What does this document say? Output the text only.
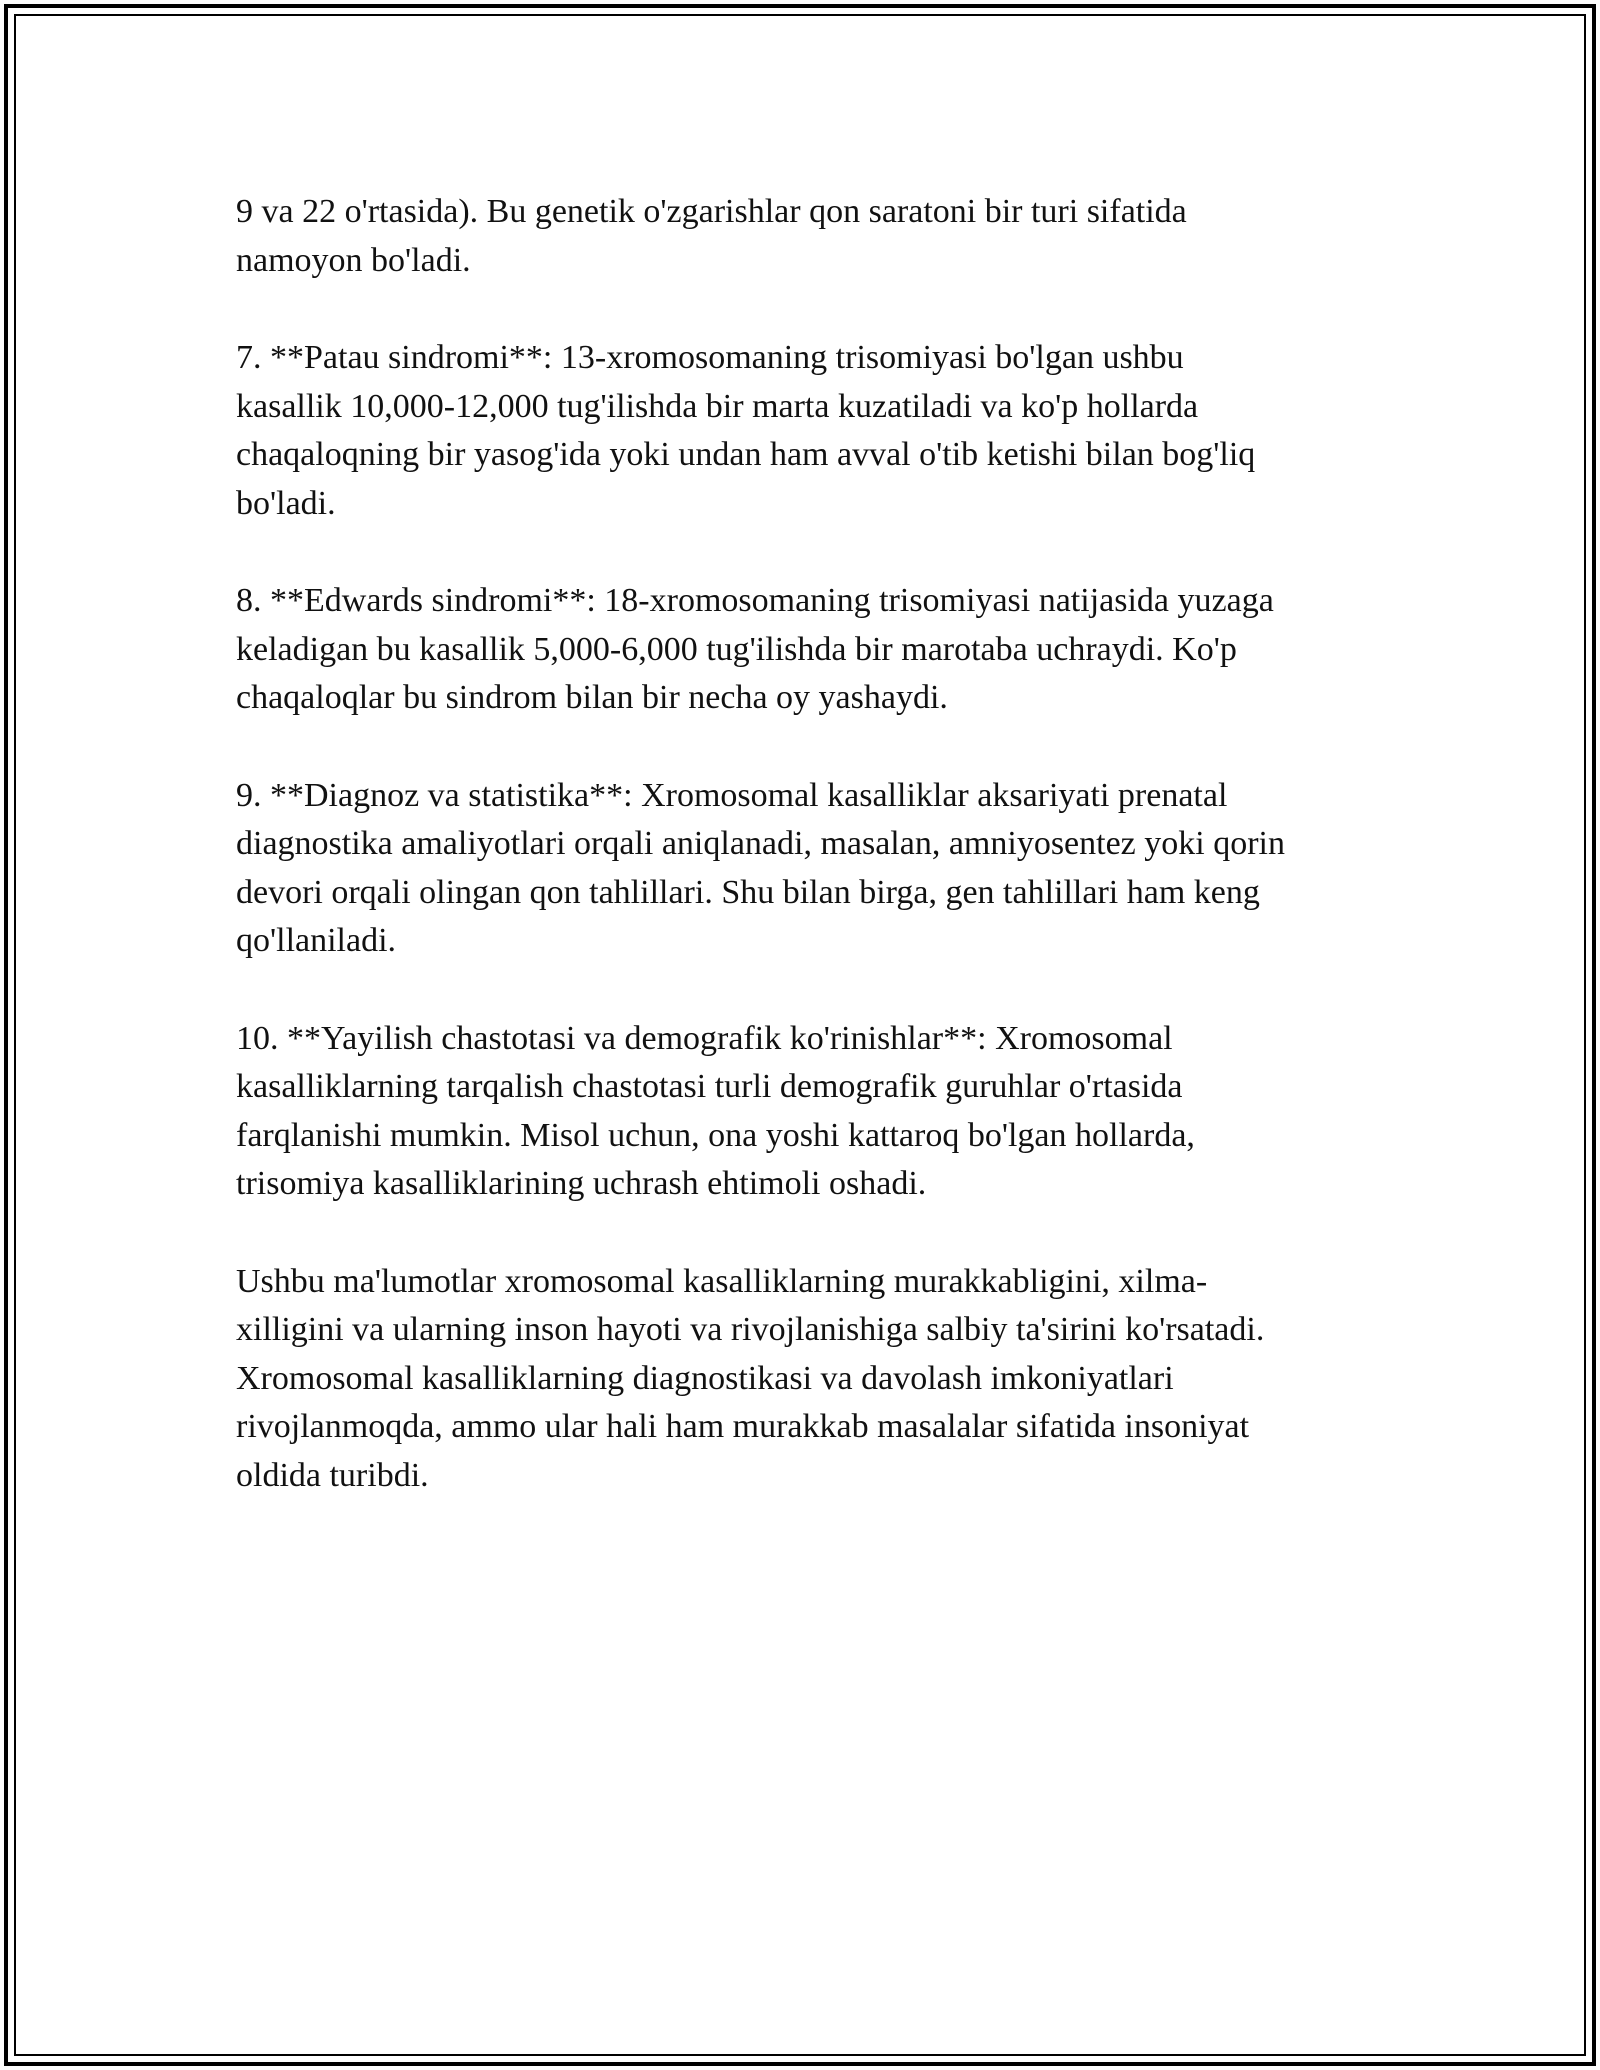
9 va 22 o'rtasida). Bu genetik o'zgarishlar qon saratoni bir turi sifatida
namoyon bo'ladi.

7. **Patau sindromi**: 13-xromosomaning trisomiyasi bo'lgan ushbu
kasallik 10,000-12,000 tug'ilishda bir marta kuzatiladi va ko'p hollarda
chaqaloqning bir yasog'ida yoki undan ham avval o'tib ketishi bilan bog'liq
bo'ladi.

8. **Edwards sindromi**: 18-xromosomaning trisomiyasi natijasida yuzaga
keladigan bu kasallik 5,000-6,000 tug'ilishda bir marotaba uchraydi. Ko'p
chaqaloqlar bu sindrom bilan bir necha oy yashaydi.

9. **Diagnoz va statistika**: Xromosomal kasalliklar aksariyati prenatal
diagnostika amaliyotlari orqali aniqlanadi, masalan, amniyosentez yoki qorin
devori orqali olingan qon tahlillari. Shu bilan birga, gen tahlillari ham keng
qo'llaniladi.

10. **Yayilish chastotasi va demografik ko'rinishlar**: Xromosomal
kasalliklarning tarqalish chastotasi turli demografik guruhlar o'rtasida
farqlanishi mumkin. Misol uchun, ona yoshi kattaroq bo'lgan hollarda,
trisomiya kasalliklarining uchrash ehtimoli oshadi.

Ushbu ma'lumotlar xromosomal kasalliklarning murakkabligini, xilma-
xilligini va ularning inson hayoti va rivojlanishiga salbiy ta'sirini ko'rsatadi.
Xromosomal kasalliklarning diagnostikasi va davolash imkoniyatlari
rivojlanmoqda, ammo ular hali ham murakkab masalalar sifatida insoniyat
oldida turibdi.
